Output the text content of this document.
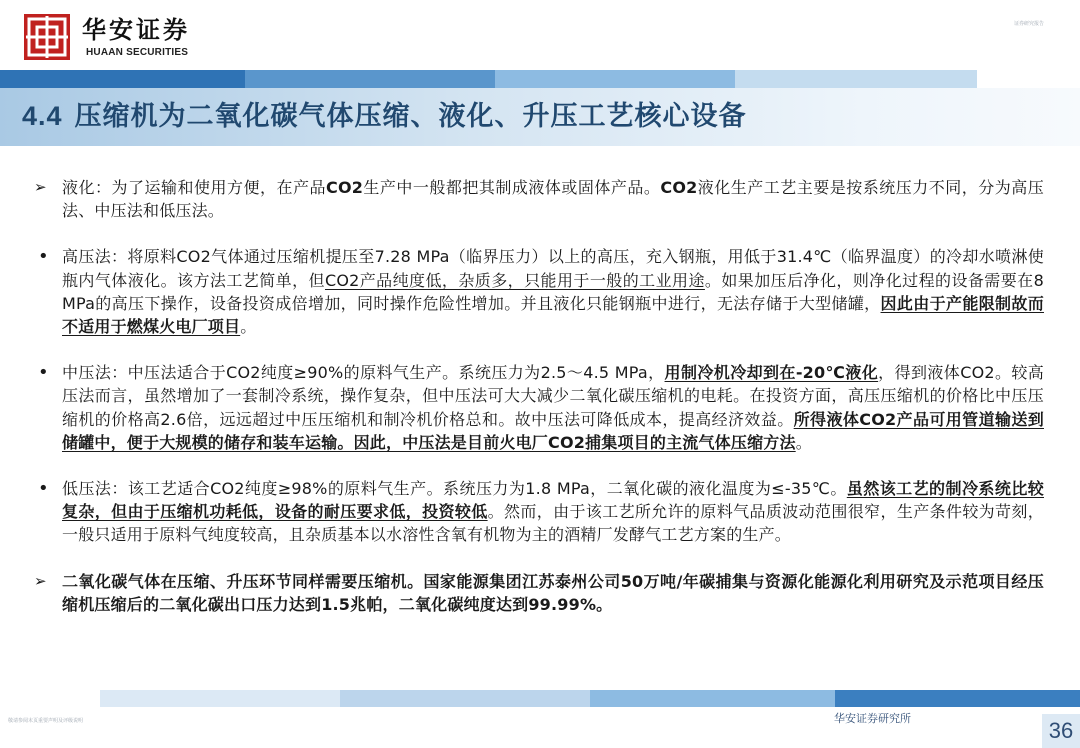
华安证券
HUAAN SECURITIES
证券研究报告
4.4 压缩机为二氧化碳气体压缩、液化、升压工艺核心设备
➢ 液化：为了运输和使用方便，在产品CO2生产中一般都把其制成液体或固体产品。CO2液化生产工艺主要是按系统压力不同，分为高压法、中压法和低压法。
• 高压法：将原料CO2气体通过压缩机提压至7.28 MPa（临界压力）以上的高压，充入钢瓶，用低于31.4℃（临界温度）的冷却水喷淋使瓶内气体液化。该方法工艺简单，但CO2产品纯度低，杂质多，只能用于一般的工业用途。如果加压后净化，则净化过程的设备需要在8 MPa的高压下操作，设备投资成倍增加，同时操作危险性增加。并且液化只能钢瓶中进行，无法存储于大型储罐，因此由于产能限制故而不适用于燃煤火电厂项目。
• 中压法：中压法适合于CO2纯度≥90%的原料气生产。系统压力为2.5～4.5 MPa，用制冷机冷却到在-20℃液化，得到液体CO2。较高压法而言，虽然增加了一套制冷系统，操作复杂，但中压法可大大减少二氧化碳压缩机的电耗。在投资方面，高压压缩机的价格比中压压缩机的价格高2.6倍，远远超过中压压缩机和制冷机价格总和。故中压法可降低成本，提高经济效益。所得液体CO2产品可用管道输送到储罐中，便于大规模的储存和装车运输。因此，中压法是目前火电厂CO2捕集项目的主流气体压缩方法。
• 低压法：该工艺适合CO2纯度≥98%的原料气生产。系统压力为1.8 MPa，二氧化碳的液化温度为≤-35℃。虽然该工艺的制冷系统比较复杂，但由于压缩机功耗低，设备的耐压要求低，投资较低。然而，由于该工艺所允许的原料气品质波动范围很窄，生产条件较为苛刻，一般只适用于原料气纯度较高，且杂质基本以水溶性含氧有机物为主的酒精厂发酵气工艺方案的生产。
➢ 二氧化碳气体在压缩、升压环节同样需要压缩机。国家能源集团江苏泰州公司50万吨/年碳捕集与资源化能源化利用研究及示范项目经压缩机压缩后的二氧化碳出口压力达到1.5兆帕，二氧化碳纯度达到99.99%。
敬请参阅末页重要声明及评级说明	华安证券研究所	36
